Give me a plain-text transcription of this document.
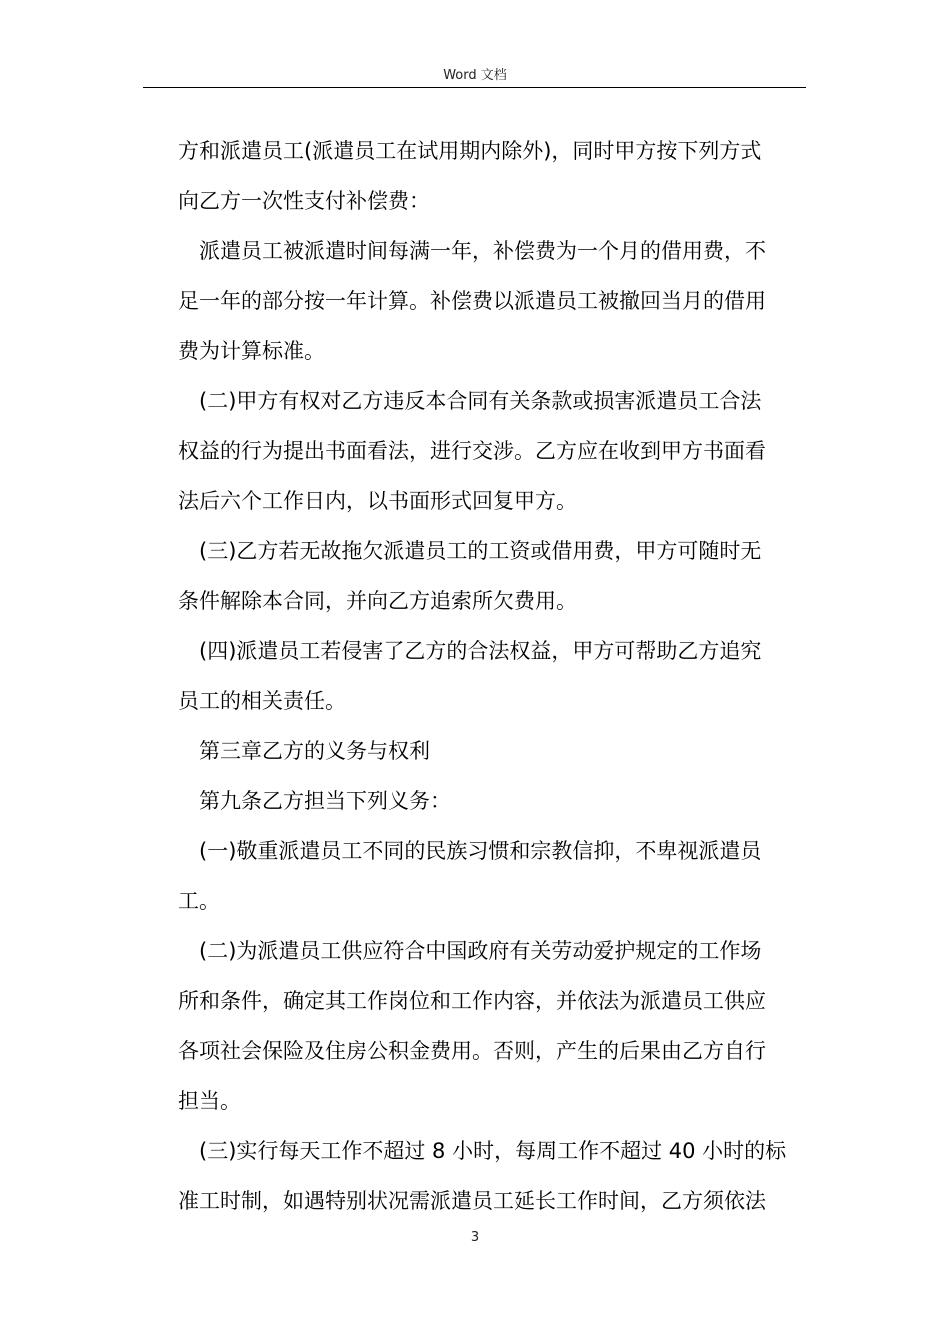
Word 文档
方和派遣员工(派遣员工在试用期内除外)，同时甲方按下列方式
向乙方一次性支付补偿费：
派遣员工被派遣时间每满一年，补偿费为一个月的借用费，不
足一年的部分按一年计算。补偿费以派遣员工被撤回当月的借用
费为计算标准。
(二)甲方有权对乙方违反本合同有关条款或损害派遣员工合法
权益的行为提出书面看法，进行交涉。乙方应在收到甲方书面看
法后六个工作日内，以书面形式回复甲方。
(三)乙方若无故拖欠派遣员工的工资或借用费，甲方可随时无
条件解除本合同，并向乙方追索所欠费用。
(四)派遣员工若侵害了乙方的合法权益，甲方可帮助乙方追究
员工的相关责任。
第三章乙方的义务与权利
第九条乙方担当下列义务：
(一)敬重派遣员工不同的民族习惯和宗教信抑，不卑视派遣员
工。
(二)为派遣员工供应符合中国政府有关劳动爱护规定的工作场
所和条件，确定其工作岗位和工作内容，并依法为派遣员工供应
各项社会保险及住房公积金费用。否则，产生的后果由乙方自行
担当。
(三)实行每天工作不超过 8 小时，每周工作不超过 40 小时的标
准工时制，如遇特别状况需派遣员工延长工作时间，乙方须依法
3
